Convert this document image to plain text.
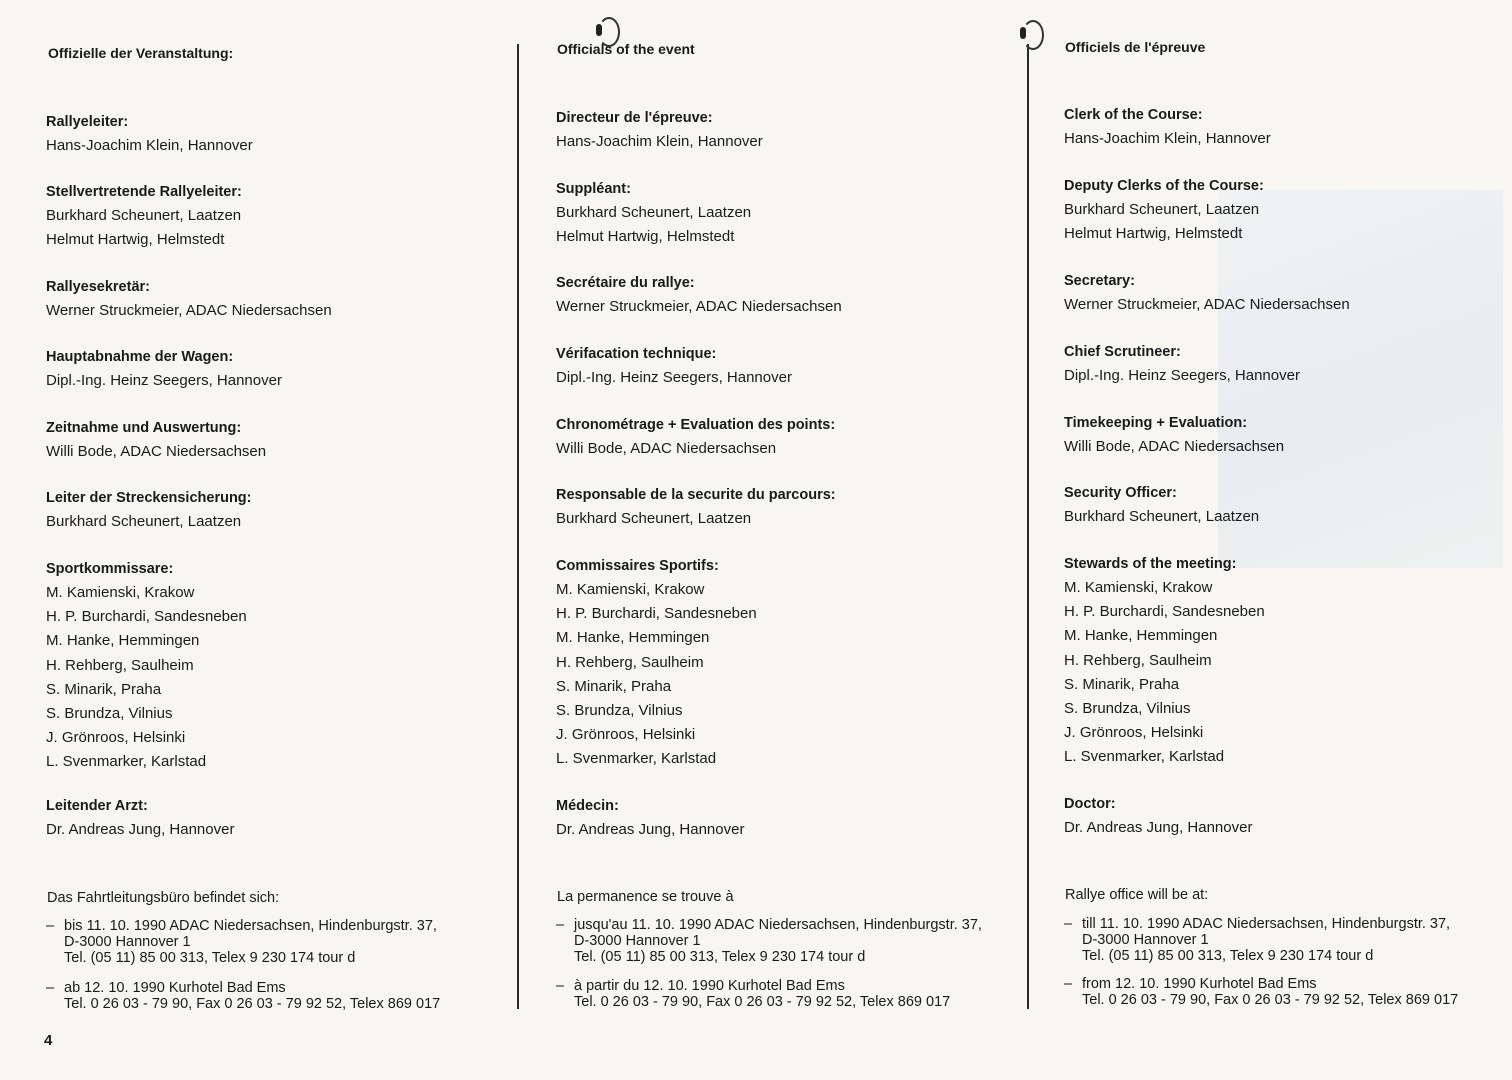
Offizielle der Veranstaltung:
Rallyeleiter:
Hans-Joachim Klein, Hannover
Stellvertretende Rallyeleiter:
Burkhard Scheunert, Laatzen
Helmut Hartwig, Helmstedt
Rallyesekretär:
Werner Struckmeier, ADAC Niedersachsen
Hauptabnahme der Wagen:
Dipl.-Ing. Heinz Seegers, Hannover
Zeitnahme und Auswertung:
Willi Bode, ADAC Niedersachsen
Leiter der Streckensicherung:
Burkhard Scheunert, Laatzen
Sportkommissare:
M. Kamienski, Krakow
H. P. Burchardi, Sandesneben
M. Hanke, Hemmingen
H. Rehberg, Saulheim
S. Minarik, Praha
S. Brundza, Vilnius
J. Grönroos, Helsinki
L. Svenmarker, Karlstad
Leitender Arzt:
Dr. Andreas Jung, Hannover
Das Fahrtleitungsbüro befindet sich:
– bis 11. 10. 1990 ADAC Niedersachsen, Hindenburgstr. 37,
D-3000 Hannover 1
Tel. (05 11) 85 00 313, Telex 9 230 174 tour d
– ab 12. 10. 1990 Kurhotel Bad Ems
Tel. 0 26 03 - 79 90, Fax 0 26 03 - 79 92 52, Telex 869 017
Officials of the event
Directeur de l'épreuve:
Hans-Joachim Klein, Hannover
Suppléant:
Burkhard Scheunert, Laatzen
Helmut Hartwig, Helmstedt
Secrétaire du rallye:
Werner Struckmeier, ADAC Niedersachsen
Vérifacation technique:
Dipl.-Ing. Heinz Seegers, Hannover
Chronométrage + Evaluation des points:
Willi Bode, ADAC Niedersachsen
Responsable de la securite du parcours:
Burkhard Scheunert, Laatzen
Commissaires Sportifs:
M. Kamienski, Krakow
H. P. Burchardi, Sandesneben
M. Hanke, Hemmingen
H. Rehberg, Saulheim
S. Minarik, Praha
S. Brundza, Vilnius
J. Grönroos, Helsinki
L. Svenmarker, Karlstad
Médecin:
Dr. Andreas Jung, Hannover
La permanence se trouve à
– jusqu'au 11. 10. 1990 ADAC Niedersachsen, Hindenburgstr. 37,
D-3000 Hannover 1
Tel. (05 11) 85 00 313, Telex 9 230 174 tour d
– à partir du 12. 10. 1990 Kurhotel Bad Ems
Tel. 0 26 03 - 79 90, Fax 0 26 03 - 79 92 52, Telex 869 017
Officiels de l'épreuve
Clerk of the Course:
Hans-Joachim Klein, Hannover
Deputy Clerks of the Course:
Burkhard Scheunert, Laatzen
Helmut Hartwig, Helmstedt
Secretary:
Werner Struckmeier, ADAC Niedersachsen
Chief Scrutineer:
Dipl.-Ing. Heinz Seegers, Hannover
Timekeeping + Evaluation:
Willi Bode, ADAC Niedersachsen
Security Officer:
Burkhard Scheunert, Laatzen
Stewards of the meeting:
M. Kamienski, Krakow
H. P. Burchardi, Sandesneben
M. Hanke, Hemmingen
H. Rehberg, Saulheim
S. Minarik, Praha
S. Brundza, Vilnius
J. Grönroos, Helsinki
L. Svenmarker, Karlstad
Doctor:
Dr. Andreas Jung, Hannover
Rallye office will be at:
– till 11. 10. 1990 ADAC Niedersachsen, Hindenburgstr. 37,
D-3000 Hannover 1
Tel. (05 11) 85 00 313, Telex 9 230 174 tour d
– from 12. 10. 1990 Kurhotel Bad Ems
Tel. 0 26 03 - 79 90, Fax 0 26 03 - 79 92 52, Telex 869 017
4
